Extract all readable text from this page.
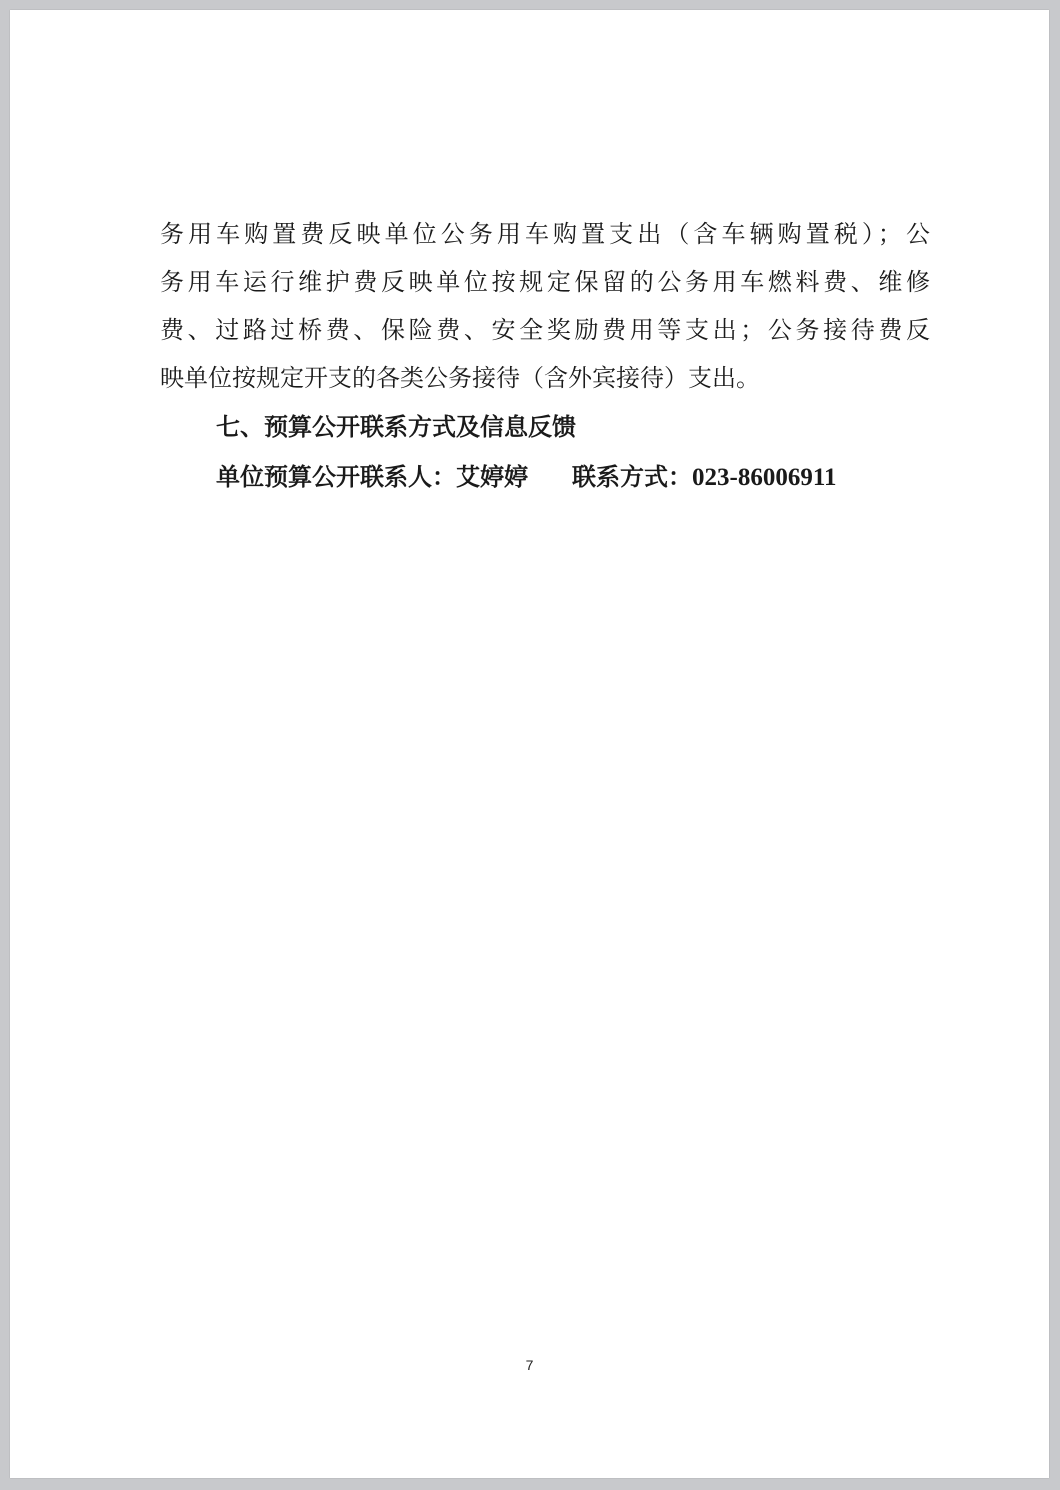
务用车购置费反映单位公务用车购置支出（含车辆购置税）；公
务用车运行维护费反映单位按规定保留的公务用车燃料费、维修
费、过路过桥费、保险费、安全奖励费用等支出；公务接待费反
映单位按规定开支的各类公务接待（含外宾接待）支出。
七、预算公开联系方式及信息反馈
单位预算公开联系人：艾婷婷 联系方式：023-86006911
7
